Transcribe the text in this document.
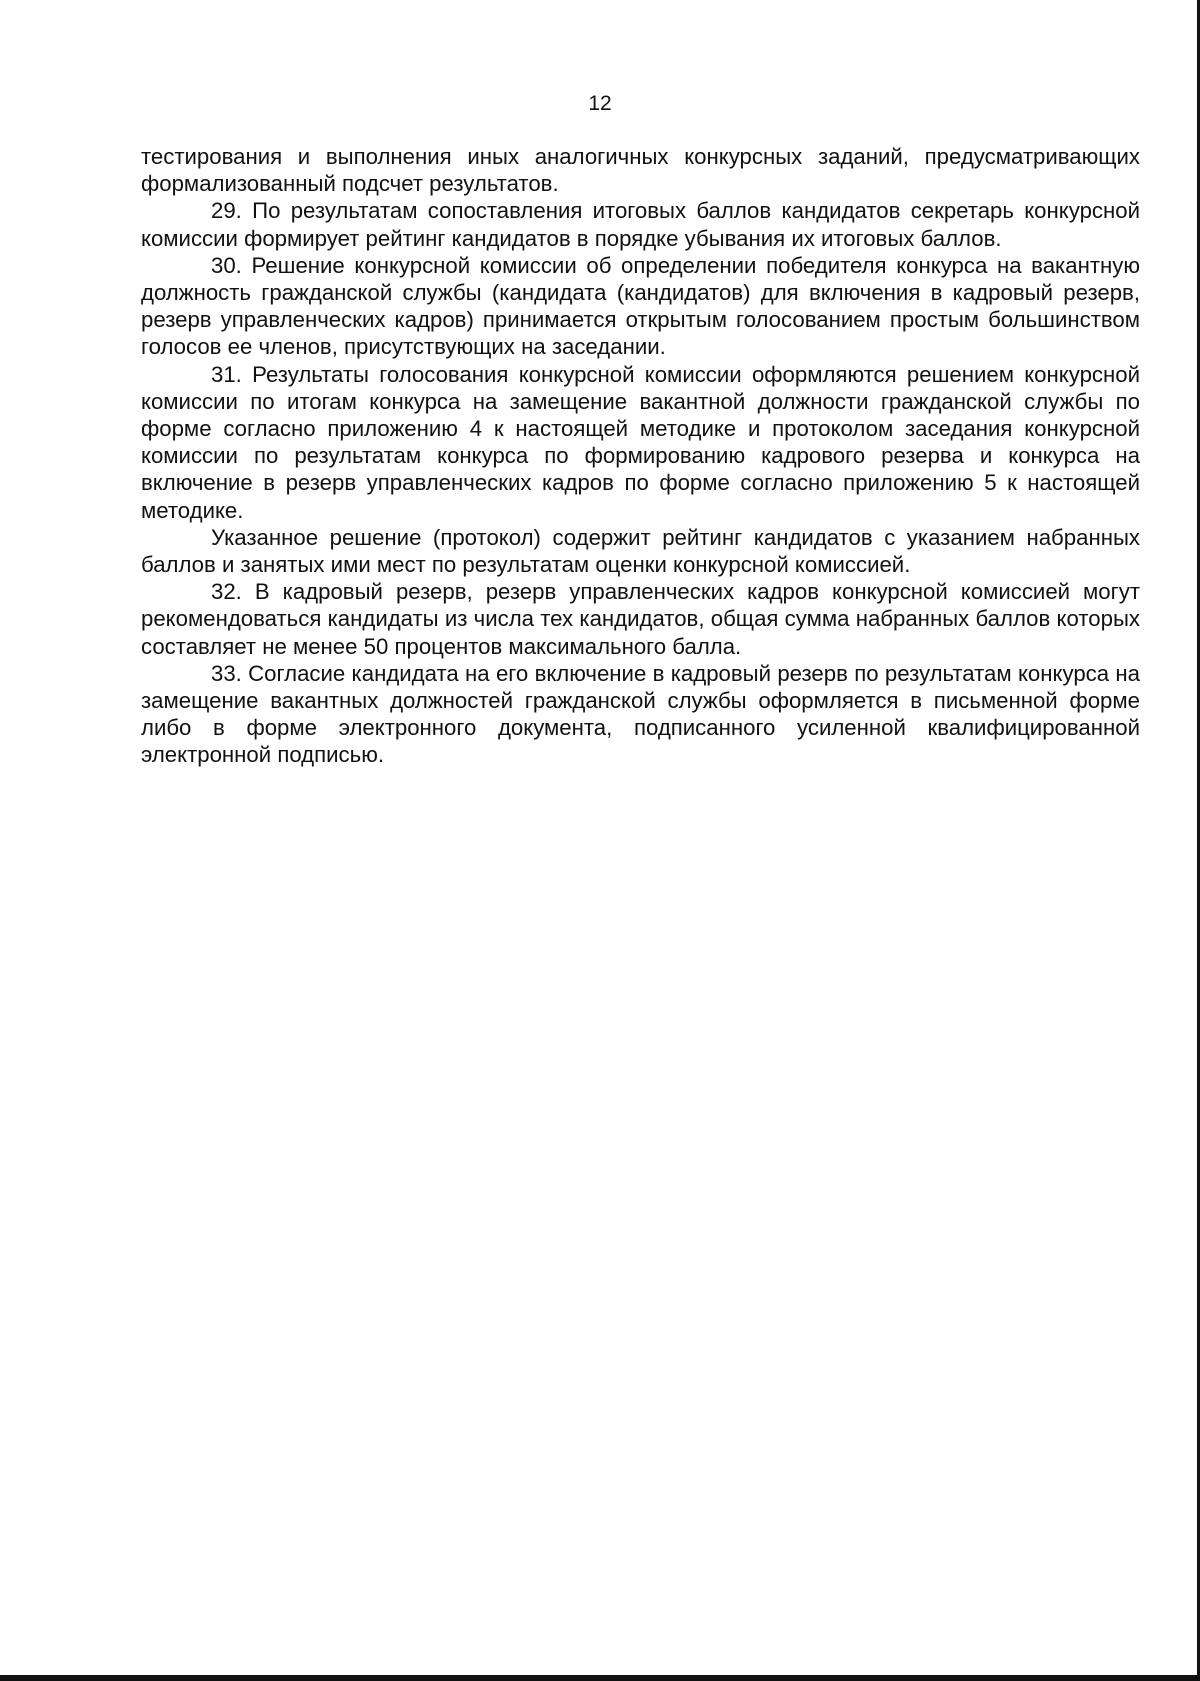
12

тестирования и выполнения иных аналогичных конкурсных заданий, предусматривающих формализованный подсчет результатов.

29. По результатам сопоставления итоговых баллов кандидатов секретарь конкурсной комиссии формирует рейтинг кандидатов в порядке убывания их итоговых баллов.

30. Решение конкурсной комиссии об определении победителя конкурса на вакантную должность гражданской службы (кандидата (кандидатов) для включения в кадровый резерв, резерв управленческих кадров) принимается открытым голосованием простым большинством голосов ее членов, присутствующих на заседании.

31. Результаты голосования конкурсной комиссии оформляются решением конкурсной комиссии по итогам конкурса на замещение вакантной должности гражданской службы по форме согласно приложению 4 к настоящей методике и протоколом заседания конкурсной комиссии по результатам конкурса по формированию кадрового резерва и конкурса на включение в резерв управленческих кадров по форме согласно приложению 5 к настоящей методике.

Указанное решение (протокол) содержит рейтинг кандидатов с указанием набранных баллов и занятых ими мест по результатам оценки конкурсной комиссией.

32. В кадровый резерв, резерв управленческих кадров конкурсной комиссией могут рекомендоваться кандидаты из числа тех кандидатов, общая сумма набранных баллов которых составляет не менее 50 процентов максимального балла.

33. Согласие кандидата на его включение в кадровый резерв по результатам конкурса на замещение вакантных должностей гражданской службы оформляется в письменной форме либо в форме электронного документа, подписанного усиленной квалифицированной электронной подписью.
